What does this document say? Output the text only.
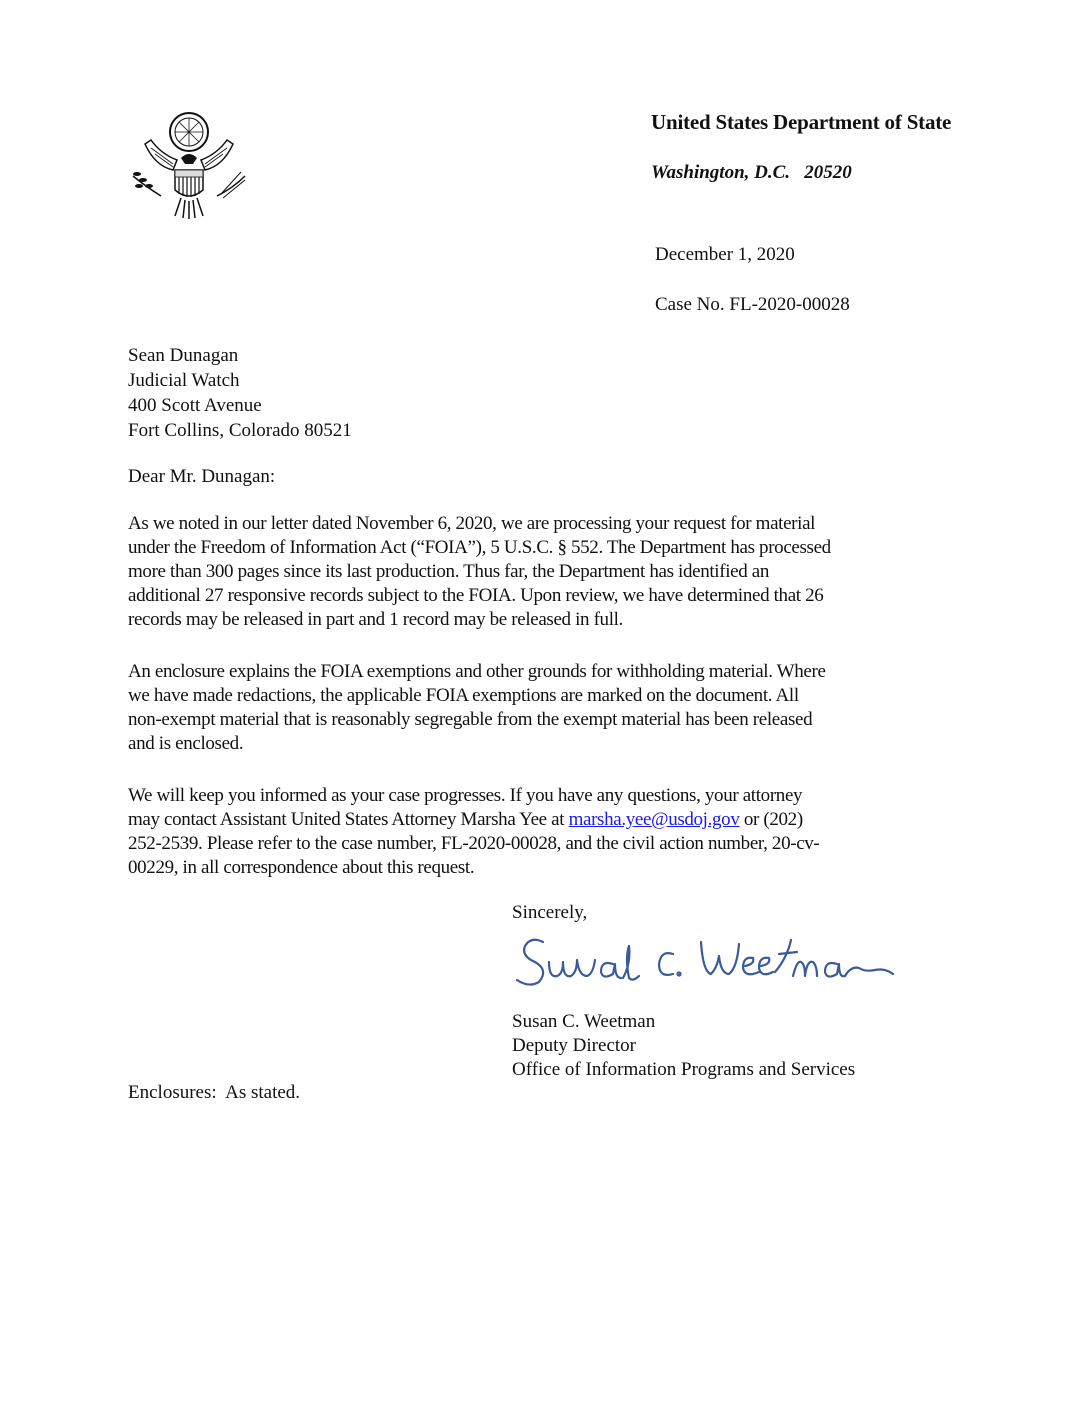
United States Department of State
Washington, D.C.   20520
December 1, 2020
Case No. FL-2020-00028
Sean Dunagan
Judicial Watch
400 Scott Avenue
Fort Collins, Colorado 80521
Dear Mr. Dunagan:
As we noted in our letter dated November 6, 2020, we are processing your request for material
under the Freedom of Information Act (“FOIA”), 5 U.S.C. § 552. The Department has processed
more than 300 pages since its last production. Thus far, the Department has identified an
additional 27 responsive records subject to the FOIA. Upon review, we have determined that 26
records may be released in part and 1 record may be released in full.
An enclosure explains the FOIA exemptions and other grounds for withholding material. Where
we have made redactions, the applicable FOIA exemptions are marked on the document. All
non-exempt material that is reasonably segregable from the exempt material has been released
and is enclosed.
We will keep you informed as your case progresses. If you have any questions, your attorney
may contact Assistant United States Attorney Marsha Yee at marsha.yee@usdoj.gov or (202)
252-2539. Please refer to the case number, FL-2020-00028, and the civil action number, 20-cv-
00229, in all correspondence about this request.
Sincerely,
Susan C. Weetman
Deputy Director
Office of Information Programs and Services
Enclosures:  As stated.
